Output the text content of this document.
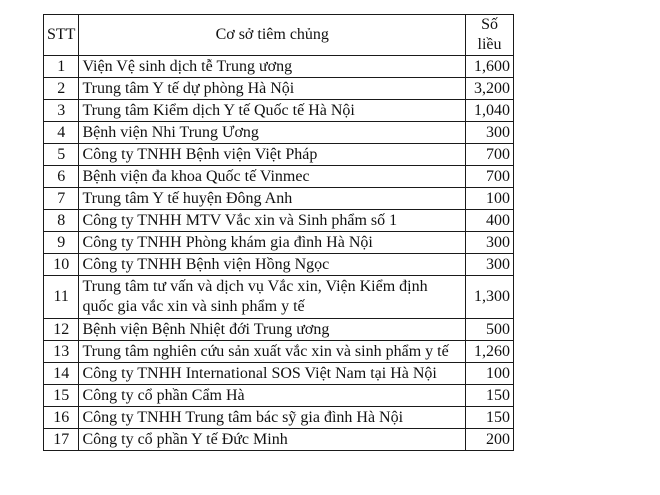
STT	Cơ sở tiêm chủng	Số liều
1	Viện Vệ sinh dịch tễ Trung ương	1,600
2	Trung tâm Y tế dự phòng Hà Nội	3,200
3	Trung tâm Kiểm dịch Y tế Quốc tế Hà Nội	1,040
4	Bệnh viện Nhi Trung Ương	300
5	Công ty TNHH Bệnh viện Việt Pháp	700
6	Bệnh viện đa khoa Quốc tế Vinmec	700
7	Trung tâm Y tế huyện Đông Anh	100
8	Công ty TNHH MTV Vắc xin và Sinh phẩm số 1	400
9	Công ty TNHH Phòng khám gia đình Hà Nội	300
10	Công ty TNHH Bệnh viện Hồng Ngọc	300
11	Trung tâm tư vấn và dịch vụ Vắc xin, Viện Kiểm định quốc gia vắc xin và sinh phẩm y tế	1,300
12	Bệnh viện Bệnh Nhiệt đới Trung ương	500
13	Trung tâm nghiên cứu sản xuất vắc xin và sinh phẩm y tế	1,260
14	Công ty TNHH International SOS Việt Nam tại Hà Nội	100
15	Công ty cổ phần Cẩm Hà	150
16	Công ty TNHH Trung tâm bác sỹ gia đình Hà Nội	150
17	Công ty cổ phần Y tế Đức Minh	200
